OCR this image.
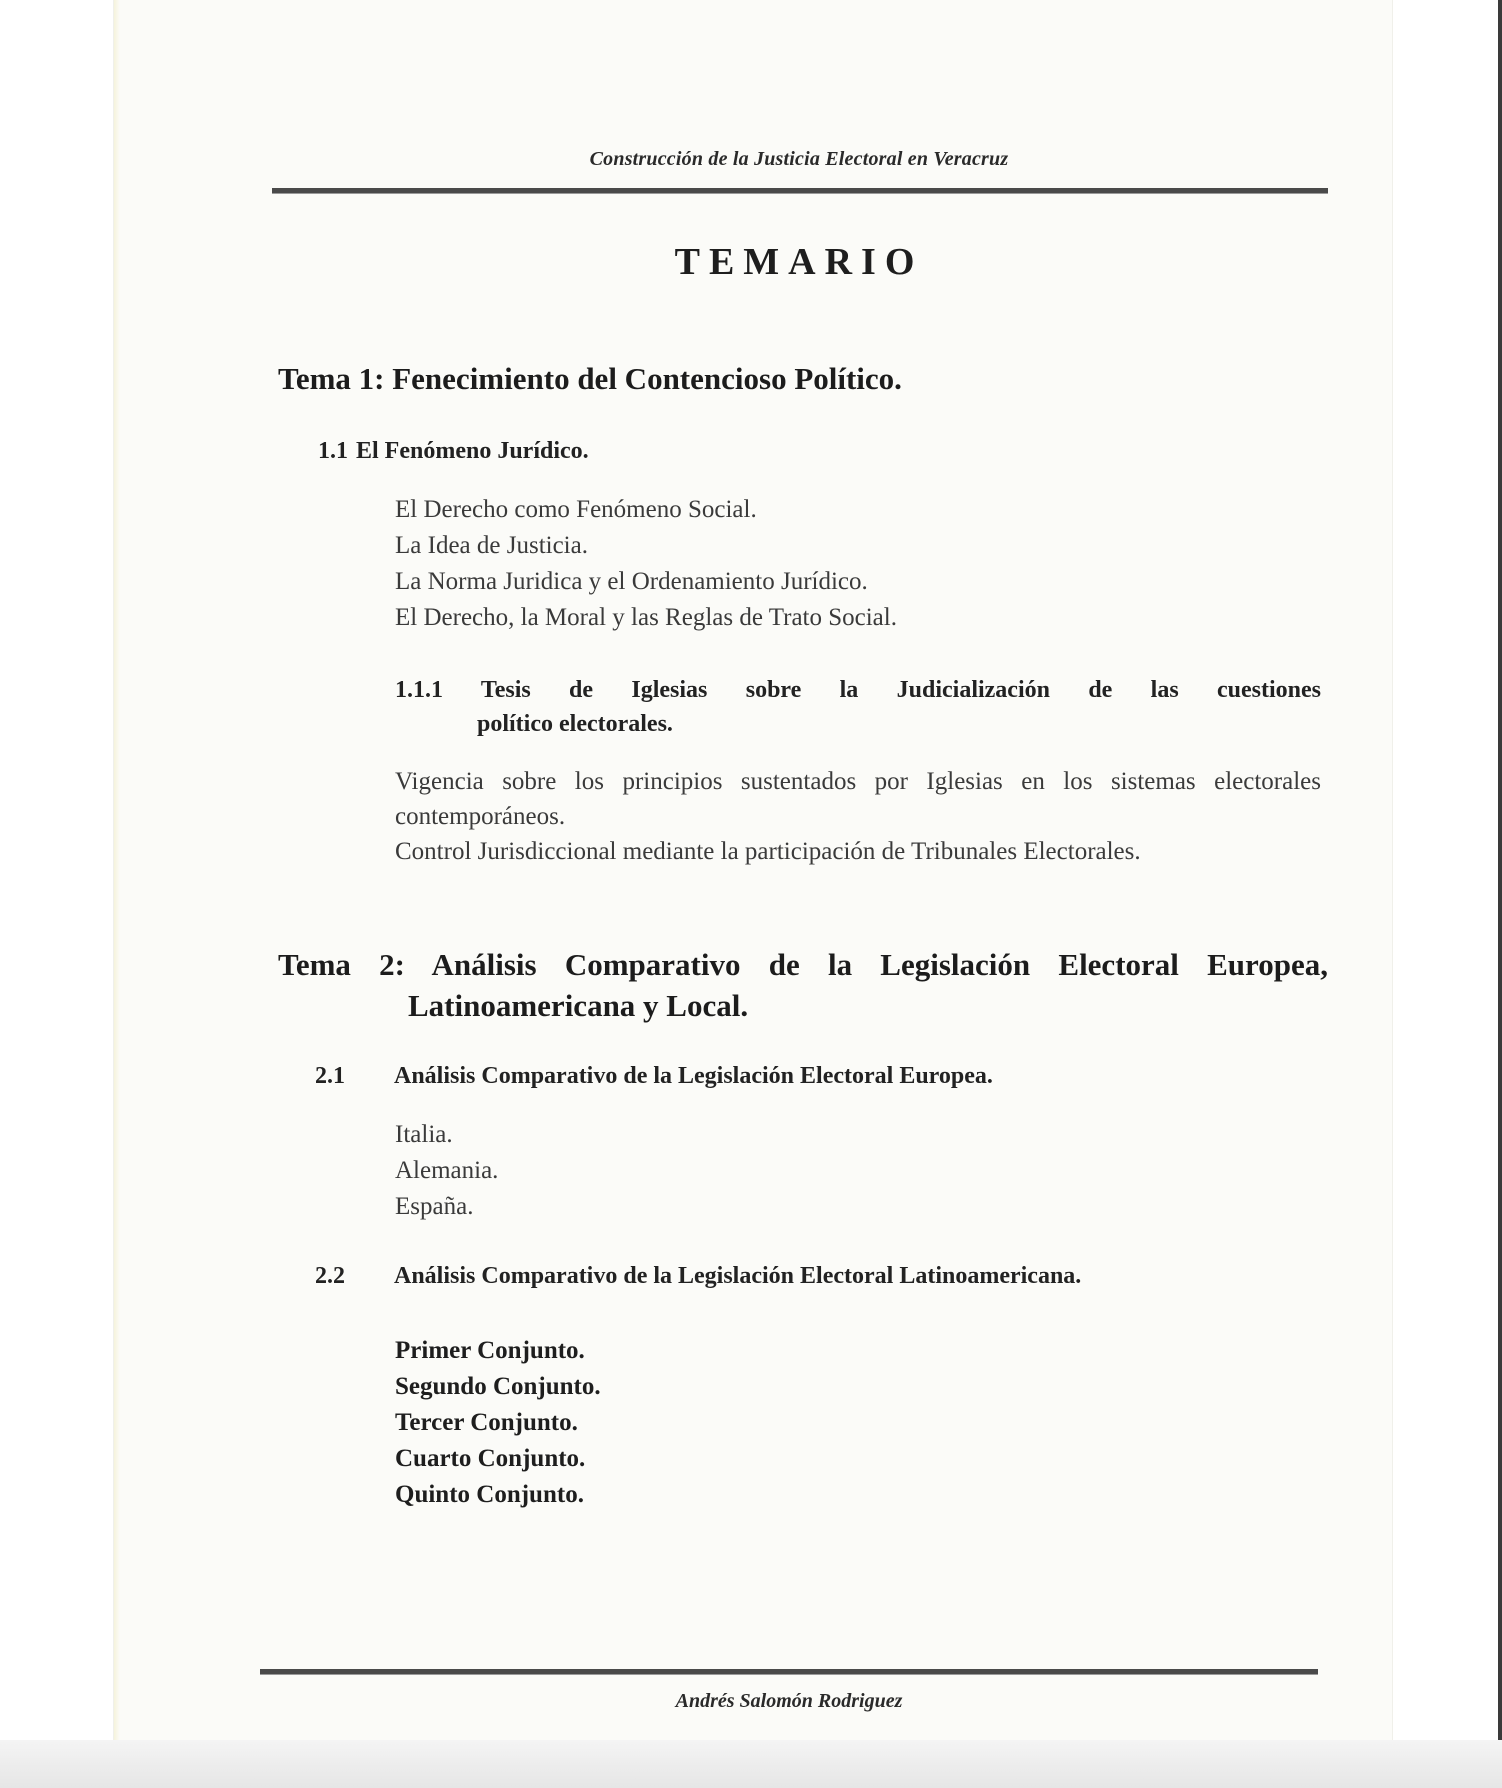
Construcción de la Justicia Electoral en Veracruz
TEMARIO
Tema 1: Fenecimiento del Contencioso Político.
1.1 El Fenómeno Jurídico.
El Derecho como Fenómeno Social.
La Idea de Justicia.
La Norma Juridica y el Ordenamiento Jurídico.
El Derecho, la Moral y las Reglas de Trato Social.
1.1.1 Tesis de Iglesias sobre la Judicialización de las cuestiones
político electorales.

Vigencia sobre los principios sustentados por Iglesias en los sistemas electorales contemporáneos.

Control Jurisdiccional mediante la participación de Tribunales Electorales.

Tema 2: Análisis Comparativo de la Legislación Electoral Europea,
Latinoamericana y Local.
2.1 Análisis Comparativo de la Legislación Electoral Europea.
Italia.
Alemania.
España.
2.2 Análisis Comparativo de la Legislación Electoral Latinoamericana.
Primer Conjunto.
Segundo Conjunto.
Tercer Conjunto.
Cuarto Conjunto.
Quinto Conjunto.
Andrés Salomón Rodriguez
